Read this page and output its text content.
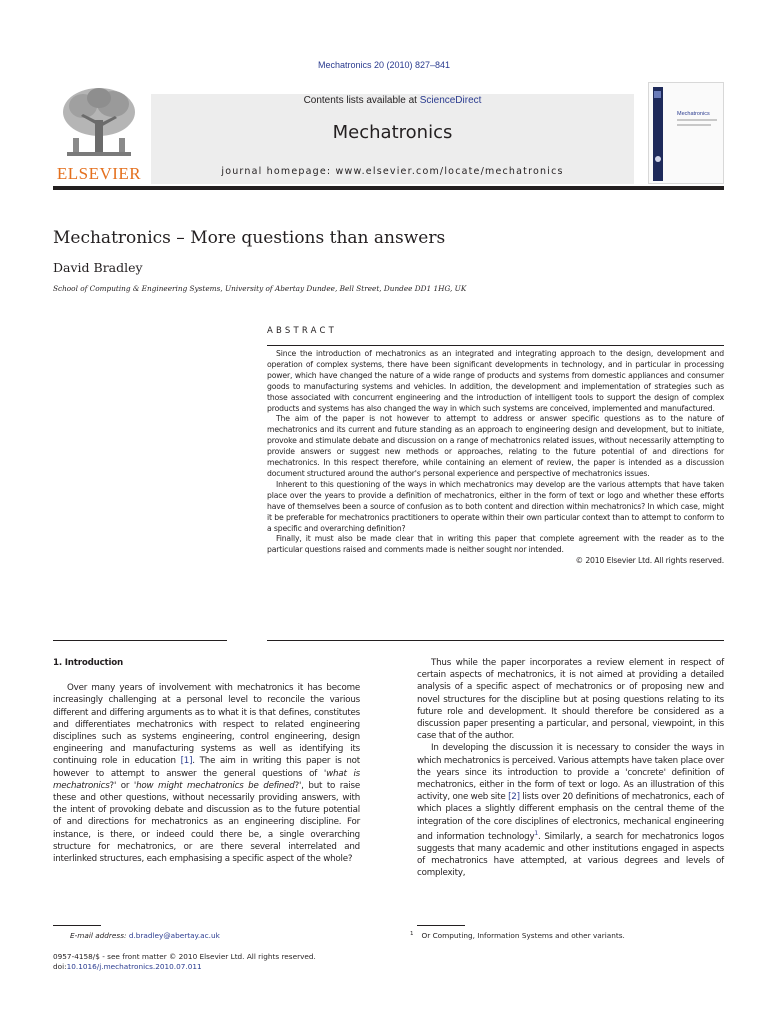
Mechatronics 20 (2010) 827–841
ELSEVIER
Contents lists available at ScienceDirect
Mechatronics
journal homepage: www.elsevier.com/locate/mechatronics
Mechatronics
Mechatronics – More questions than answers
David Bradley
School of Computing & Engineering Systems, University of Abertay Dundee, Bell Street, Dundee DD1 1HG, UK
ABSTRACT

Since the introduction of mechatronics as an integrated and integrating approach to the design, development and operation of complex systems, there have been significant developments in technology, and in particular in processing power, which have changed the nature of a wide range of products and systems from domestic appliances and consumer goods to manufacturing systems and vehicles. In addition, the development and implementation of strategies such as those associated with concurrent engineering and the introduction of intelligent tools to support the design of complex products and systems has also changed the way in which such systems are conceived, implemented and manufactured.

The aim of the paper is not however to attempt to address or answer specific questions as to the nature of mechatronics and its current and future standing as an approach to engineering design and development, but to initiate, provoke and stimulate debate and discussion on a range of mechatronics related issues, without necessarily attempting to provide answers or suggest new methods or approaches, relating to the future potential of and directions for mechatronics. In this respect therefore, while containing an element of review, the paper is intended as a discussion document structured around the author's personal experience and perspective of mechatronics issues.

Inherent to this questioning of the ways in which mechatronics may develop are the various attempts that have taken place over the years to provide a definition of mechatronics, either in the form of text or logo and whether these efforts have of themselves been a source of confusion as to both content and direction within mechatronics? In which case, might it be preferable for mechatronics practitioners to operate within their own particular context than to attempt to conform to a specific and overarching definition?

Finally, it must also be made clear that in writing this paper that complete agreement with the reader as to the particular questions raised and comments made is neither sought nor intended.

© 2010 Elsevier Ltd. All rights reserved.
1. Introduction

Over many years of involvement with mechatronics it has become increasingly challenging at a personal level to reconcile the various different and differing arguments as to what it is that defines, constitutes and differentiates mechatronics with respect to related engineering disciplines such as systems engineering, control engineering, design engineering and manufacturing systems as well as identifying its continuing role in education [1]. The aim in writing this paper is not however to attempt to answer the general questions of 'what is mechatronics?' or 'how might mechatronics be defined?', but to raise these and other questions, without necessarily providing answers, with the intent of provoking debate and discussion as to the future potential of and directions for mechatronics as an engineering discipline. For instance, is there, or indeed could there be, a single overarching structure for mechatronics, or are there several interrelated and interlinked structures, each emphasising a specific aspect of the whole?

Thus while the paper incorporates a review element in respect of certain aspects of mechatronics, it is not aimed at providing a detailed analysis of a specific aspect of mechatronics or of proposing new and novel structures for the discipline but at posing questions relating to its future role and development. It should therefore be considered as a discussion paper presenting a particular, and personal, viewpoint, in this case that of the author.

In developing the discussion it is necessary to consider the ways in which mechatronics is perceived. Various attempts have taken place over the years since its introduction to provide a 'concrete' definition of mechatronics, either in the form of text or logo. As an illustration of this activity, one web site [2] lists over 20 definitions of mechatronics, each of which places a slightly different emphasis on the central theme of the integration of the core disciplines of electronics, mechanical engineering and information technology$^1$. Similarly, a search for mechatronics logos suggests that many academic and other institutions engaged in aspects of mechatronics have attempted, at various degrees and levels of complexity,

E-mail address: d.bradley@abertay.ac.uk	$^1$ Or Computing, Information Systems and other variants.
0957-4158/$ - see front matter © 2010 Elsevier Ltd. All rights reserved.
doi:10.1016/j.mechatronics.2010.07.011
